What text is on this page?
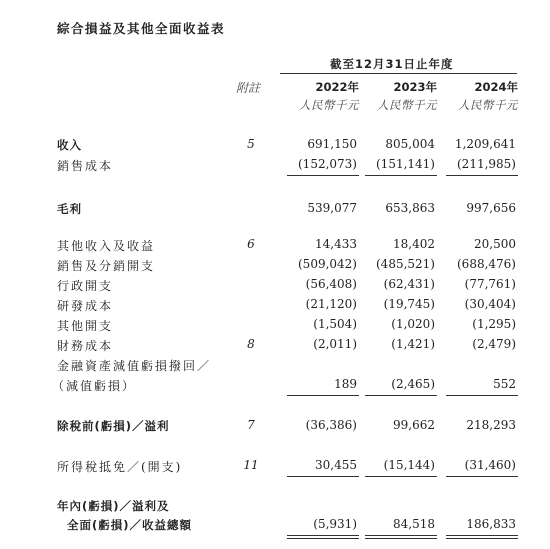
綜合損益及其他全面收益表
截至12月31日止年度
附註	2022年	2023年	2024年
人民幣千元	人民幣千元	人民幣千元
收入	5	691,150	805,004	1,209,641
銷售成本	(152,073)	(151,141)	(211,985)
毛利	539,077	653,863	997,656
其他收入及收益	6	14,433	18,402	20,500
銷售及分銷開支	(509,042)	(485,521)	(688,476)
行政開支	(56,408)	(62,431)	(77,761)
研發成本	(21,120)	(19,745)	(30,404)
其他開支	(1,504)	(1,020)	(1,295)
財務成本	8	(2,011)	(1,421)	(2,479)
金融資產減值虧損撥回／
（減值虧損）	189	(2,465)	552
除稅前(虧損)／溢利	7	(36,386)	99,662	218,293
所得稅抵免／(開支)	11	30,455	(15,144)	(31,460)
年內(虧損)／溢利及
全面(虧損)／收益總額	(5,931)	84,518	186,833
